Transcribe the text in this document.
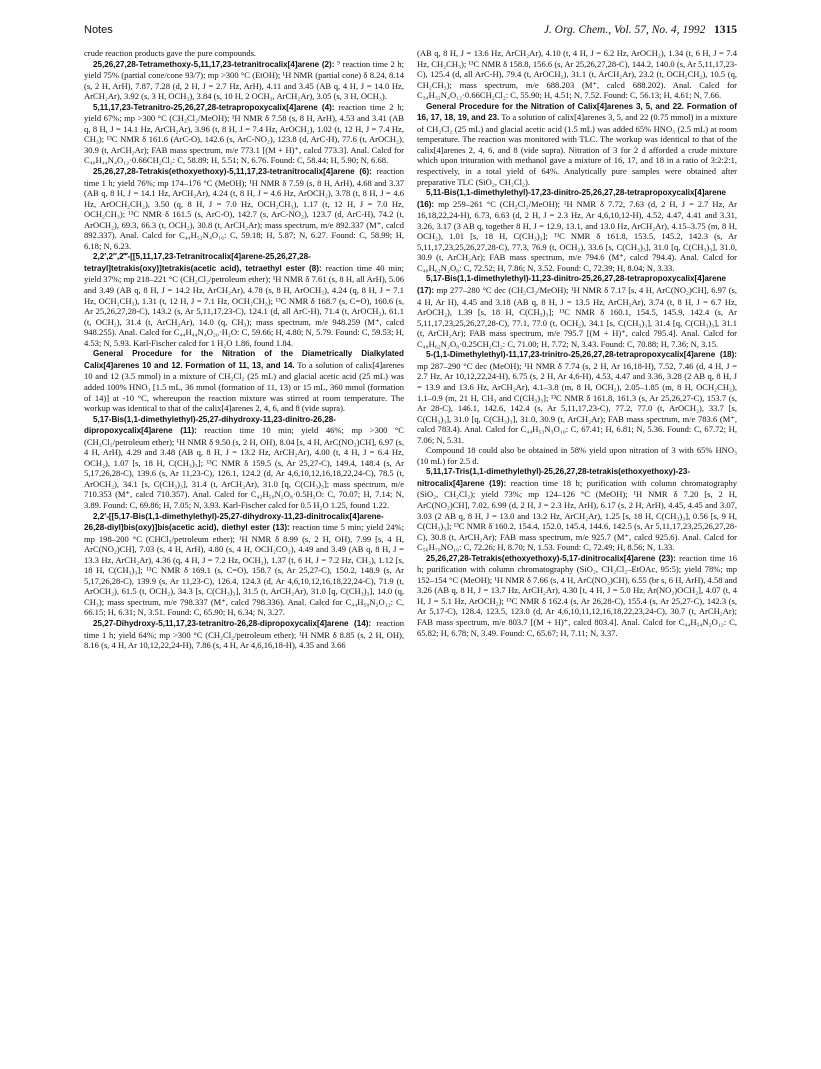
Notes	J. Org. Chem., Vol. 57, No. 4, 1992 1315

crude reaction products gave the pure compounds.

25,26,27,28-Tetramethoxy-5,11,17,23-tetranitrocalix[4]arene (2): ⁹ reaction time 2 h; yield 75% (partial cone/cone 93/7); mp >300 °C (EtOH); ¹H NMR (partial cone) δ 8.24, 8.14 (s, 2 H, ArH), 7.87, 7.28 (d, 2 H, J = 2.7 Hz, ArH), 4.11 and 3.45 (AB q, 4 H, J = 14.0 Hz, ArCH₂Ar), 3.92 (s, 3 H, OCH₃), 3.84 (s, 10 H, 2 OCH₃, ArCH₂Ar), 3.05 (s, 3 H, OCH₃).

5,11,17,23-Tetranitro-25,26,27,28-tetrapropoxycalix[4]arene (4): reaction time 2 h; yield 67%; mp >300 °C (CH₂Cl₂/MeOH); ¹H NMR δ 7.58 (s, 8 H, ArH), 4.53 and 3.41 (AB q, 8 H, J = 14.1 Hz, ArCH₂Ar), 3.96 (t, 8 H, J = 7.4 Hz, ArOCH₂), 1.02 (t, 12 H, J = 7.4 Hz, CH₃); ¹³C NMR δ 161.6 (ArC-O), 142.6 (s, ArC-NO₂), 123.8 (d, ArC-H), 77.6 (t, ArOCH₂), 30.9 (t, ArCH₂Ar); FAB mass spectrum, m/e 773.1 [(M + H)⁺, calcd 773.3]. Anal. Calcd for C₄₀H₄₄N₄O₁₂·0.66CH₂Cl₂: C, 58.89; H, 5.51; N, 6.76. Found: C, 58.44; H, 5.90; N, 6.68.

25,26,27,28-Tetrakis(ethoxyethoxy)-5,11,17,23-tetranitrocalix[4]arene (6): reaction time 1 h; yield 76%; mp 174–176 °C (MeOH); ¹H NMR δ 7.59 (s, 8 H, ArH), 4.68 and 3.37 (AB q, 8 H, J = 14.1 Hz, ArCH₂Ar), 4.24 (t, 8 H, J = 4.6 Hz, ArOCH₂), 3.78 (t, 8 H, J = 4.6 Hz, ArOCH₂CH₂), 3.50 (q, 8 H, J = 7.0 Hz, OCH₂CH₃), 1.17 (t, 12 H, J = 7.0 Hz, OCH₂CH₃); ¹³C NMR δ 161.5 (s, ArC-O), 142.7 (s, ArC-NO₂), 123.7 (d, ArC-H), 74.2 (t, ArOCH₂), 69.3, 66.3 (t, OCH₂), 30.8 (t, ArCH₂Ar); mass spectrum, m/e 892.337 (M⁺, calcd 892.337). Anal. Calcd for C₄₄H₅₂N₄O₁₆: C, 59.18; H, 5.87; N, 6.27. Found: C, 58.99; H, 6.18; N, 6.23.

2,2′,2″,2‴-[[5,11,17,23-Tetranitrocalix[4]arene-25,26,27,28-tetrayl]tetrakis(oxy)]tetrakis(acetic acid), tetraethyl ester (8): reaction time 40 min; yield 37%; mp 218–221 °C (CH₂Cl₂/petroleum ether); ¹H NMR δ 7.61 (s, 8 H, all ArH), 5.06 and 3.49 (AB q, 8 H, J = 14.2 Hz, ArCH₂Ar), 4.78 (s, 8 H, ArOCH₂), 4.24 (q, 8 H, J = 7.1 Hz, OCH₂CH₃), 1.31 (t, 12 H, J = 7.1 Hz, OCH₂CH₃); ¹³C NMR δ 168.7 (s, C=O), 160.6 (s, Ar 25,26,27,28-C), 143.2 (s, Ar 5,11,17,23-C), 124.1 (d, all ArC-H), 71.4 (t, ArOCH₂), 61.1 (t, OCH₂), 31.4 (t, ArCH₂Ar), 14.0 (q, CH₃); mass spectrum, m/e 948.259 (M⁺, calcd 948.255). Anal. Calcd for C₄₄H₄₄N₄O₂₀·H₂O: C, 59.66; H, 4.80; N, 5.79. Found: C, 59.53; H, 4.53; N, 5.93. Karl-Fischer calcd for 1 H₂O 1.86, found 1.84.

General Procedure for the Nitration of the Diametrically Dialkylated Calix[4]arenes 10 and 12. Formation of 11, 13, and 14. To a solution of calix[4]arenes 10 and 12 (3.5 mmol) in a mixture of CH₂Cl₂ (25 mL) and glacial acetic acid (25 mL) was added 100% HNO₃ [1.5 mL, 36 mmol (formation of 11, 13) or 15 mL, 360 mmol (formation of 14)] at -10 °C, whereupon the reaction mixture was stirred at room temperature. The workup was identical to that of the calix[4]arenes 2, 4, 6, and 8 (vide supra).

5,17-Bis(1,1-dimethylethyl)-25,27-dihydroxy-11,23-dinitro-26,28-dipropoxycalix[4]arene (11): reaction time 10 min; yield 46%; mp >300 °C (CH₂Cl₂/petroleum ether); ¹H NMR δ 9.50 (s, 2 H, OH), 8.04 [s, 4 H, ArC(NO₂)CH], 6.97 (s, 4 H, ArH), 4.29 and 3.48 (AB q, 8 H, J = 13.2 Hz, ArCH₂Ar), 4.00 (t, 4 H, J = 6.4 Hz, OCH₂), 1.07 [s, 18 H, C(CH₃)₃]; ¹³C NMR δ 159.5 (s, Ar 25,27-C), 149.4, 148.4 (s, Ar 5,17,26,28-C), 139.6 (s, Ar 11,23-C), 126.1, 124.2 (d, Ar 4,6,10,12,16,18,22,24-C), 78.5 (t, ArOCH₂), 34.1 [s, C(CH₃)₃], 31.4 (t, ArCH₂Ar), 31.0 [q, C(CH₃)₃]; mass spectrum, m/e 710.353 (M⁺, calcd 710.357). Anal. Calcd for C₄₂H₅₀N₂O₈·0.5H₂O: C, 70.07; H, 7.14; N, 3.89. Found: C, 69.86; H, 7.05; N, 3.93. Karl-Fischer calcd for 0.5 H₂O 1.25, found 1.22.

2,2′-[[5,17-Bis(1,1-dimethylethyl)-25,27-dihydroxy-11,23-dinitrocalix[4]arene-26,28-diyl]bis(oxy)]bis(acetic acid), diethyl ester (13): reaction time 5 min; yield 24%; mp 198–200 °C (CHCl₃/petroleum ether); ¹H NMR δ 8.99 (s, 2 H, OH), 7.99 [s, 4 H, ArC(NO₂)CH], 7.03 (s, 4 H, ArH), 4.80 (s, 4 H, OCH₂CO₂), 4.49 and 3.49 (AB q, 8 H, J = 13.3 Hz, ArCH₂Ar), 4.36 (q, 4 H, J = 7.2 Hz, OCH₂), 1.37 (t, 6 H, J = 7.2 Hz, CH₃), 1.12 [s, 18 H, C(CH₃)₃]; ¹³C NMR δ 169.1 (s, C=O), 158.7 (s, Ar 25,27-C), 150.2, 148.9 (s, Ar 5,17,26,28-C), 139.9 (s, Ar 11,23-C), 126.4, 124.3 (d, Ar 4,6,10,12,16,18,22,24-C), 71.9 (t, ArOCH₂), 61.5 (t, OCH₂), 34.3 [s, C(CH₃)₃], 31.5 (t, ArCH₂Ar), 31.0 [q, C(CH₃)₃], 14.0 (q, CH₃); mass spectrum, m/e 798.337 (M⁺, calcd 798.336). Anal. Calcd for C₄₄H₅₀N₂O₁₂: C, 66.15; H, 6.31; N, 3.51. Found: C, 65.90; H, 6.34; N, 3.27.

25,27-Dihydroxy-5,11,17,23-tetranitro-26,28-dipropoxycalix[4]arene (14): reaction time 1 h; yield 64%; mp >300 °C (CH₂Cl₂/petroleum ether); ¹H NMR δ 8.85 (s, 2 H, OH), 8.16 (s, 4 H, Ar 10,12,22,24-H), 7.86 (s, 4 H, Ar 4,6,16,18-H), 4.35 and 3.66

(AB q, 8 H, J = 13.6 Hz, ArCH₂Ar), 4.10 (t, 4 H, J = 6.2 Hz, ArOCH₂), 1.34 (t, 6 H, J = 7.4 Hz, CH₂CH₃); ¹³C NMR δ 158.8, 156.6 (s, Ar 25,26,27,28-C), 144.2, 140.0 (s, Ar 5,11,17,23-C), 125.4 (d, all ArC-H), 79.4 (t, ArOCH₂), 31.1 (t, ArCH₂Ar), 23.2 (t, OCH₂CH₂), 10.5 (q, CH₂CH₃); mass spectrum, m/e 688.203 (M⁺, calcd 688.202). Anal. Calcd for C₃₄H₃₂N₄O₁₂·0.66CH₂Cl₂: C, 55.90; H, 4.51; N, 7.52. Found: C, 56.13; H, 4.61; N, 7.66.

General Procedure for the Nitration of Calix[4]arenes 3, 5, and 22. Formation of 16, 17, 18, 19, and 23. To a solution of calix[4]arenes 3, 5, and 22 (0.75 mmol) in a mixture of CH₂Cl₂ (25 mL) and glacial acetic acid (1.5 mL) was added 65% HNO₃ (2.5 mL) at room temperature. The reaction was monitored with TLC. The workup was identical to that of the calix[4]arenes 2, 4, 6, and 8 (vide supra). Nitration of 3 for 2 d afforded a crude mixture which upon trituration with methanol gave a mixture of 16, 17, and 18 in a ratio of 3:2:2:1, respectively, in a total yield of 64%. Analytically pure samples were obtained after preparative TLC (SiO₂, CH₂Cl₂).

5,11-Bis(1,1-dimethylethyl)-17,23-dinitro-25,26,27,28-tetrapropoxycalix[4]arene (16): mp 259–261 °C (CH₂Cl₂/MeOH); ¹H NMR δ 7.72, 7.63 (d, 2 H, J = 2.7 Hz, Ar 16,18,22,24-H), 6.73, 6.63 (d, 2 H, J = 2.3 Hz, Ar 4,6,10,12-H), 4.52, 4.47, 4.41 and 3.31, 3.26, 3.17 (3 AB q, together 8 H, J = 12.9, 13.1, and 13.0 Hz, ArCH₂Ar), 4.15–3.75 (m, 8 H, OCH₂), 1.01 [s, 18 H, C(CH₃)₃]; ¹³C NMR δ 161.8, 153.5, 145.2, 142.3 (s, Ar 5,11,17,23,25,26,27,28-C), 77.3, 76.9 (t, OCH₂), 33.6 [s, C(CH₃)₃], 31.0 [q, C(CH₃)₃], 31.0, 30.9 (t, ArCH₂Ar); FAB mass spectrum, m/e 794.6 (M⁺, calcd 794.4). Anal. Calcd for C₄₈H₆₂N₂O₈: C, 72.52; H, 7.86; N, 3.52. Found: C, 72.39; H, 8.04; N, 3.33.

5,17-Bis(1,1-dimethylethyl)-11,23-dinitro-25,26,27,28-tetrapropoxycalix[4]arene (17): mp 277–280 °C dec (CH₂Cl₂/MeOH); ¹H NMR δ 7.17 [s, 4 H, ArC(NO₂)CH], 6.97 (s, 4 H, Ar H), 4.45 and 3.18 (AB q, 8 H, J = 13.5 Hz, ArCH₂Ar), 3.74 (t, 8 H, J = 6.7 Hz, ArOCH₂), 1.39 [s, 18 H, C(CH₃)₃]; ¹³C NMR δ 160.1, 154.5, 145.9, 142.4 (s, Ar 5,11,17,23,25,26,27,28-C), 77.1, 77.0 (t, OCH₂), 34.1 [s, C(CH₃)₃], 31.4 [q, C(CH₃)₃], 31.1 (t, ArCH₂Ar); FAB mass spectrum, m/e 795.7 [(M + H)⁺, calcd 795.4]. Anal. Calcd for C₄₈H₆₂N₂O₈·0.25CH₂Cl₂: C, 71.00; H, 7.72; N, 3.43. Found: C, 70.88; H, 7.36; N, 3.15.

5-(1,1-Dimethylethyl)-11,17,23-trinitro-25,26,27,28-tetrapropoxycalix[4]arene (18): mp 287–290 °C dec (MeOH); ¹H NMR δ 7.74 (s, 2 H, Ar 16,18-H), 7.52, 7.46 (d, 4 H, J = 2.7 Hz, Ar 10,12,22,24-H), 6.75 (s, 2 H, Ar 4,6-H), 4.53, 4.47 and 3.36, 3.28 (2 AB q, 8 H, J = 13.9 and 13.6 Hz, ArCH₂Ar), 4.1–3.8 (m, 8 H, OCH₂), 2.05–1.85 (m, 8 H, OCH₂CH₂), 1.1–0.9 (m, 21 H, CH₃ and C(CH₃)₃]; ¹³C NMR δ 161.8, 161.3 (s, Ar 25,26,27-C), 153.7 (s, Ar 28-C), 146.1, 142.6, 142.4 (s, Ar 5,11,17,23-C), 77.2, 77.0 (t, ArOCH₂), 33.7 [s, C(CH₃)₃], 31.0 [q, C(CH₃)₃], 31.0, 30.9 (t, ArCH₂Ar); FAB mass spectrum, m/e 783.6 (M⁺, calcd 783.4). Anal. Calcd for C₄₄H₅₃N₃O₁₀: C, 67.41; H, 6.81; N, 5.36. Found: C, 67.72; H, 7.06; N, 5.31.

Compound 18 could also be obtained in 58% yield upon nitration of 3 with 65% HNO₃ (10 mL) for 2.5 d.

5,11,17-Tris(1,1-dimethylethyl)-25,26,27,28-tetrakis(ethoxyethoxy)-23-nitrocalix[4]arene (19): reaction time 18 h; purification with column chromatography (SiO₂, CH₂Cl₂); yield 73%; mp 124–126 °C (MeOH); ¹H NMR δ 7.20 [s, 2 H, ArC(NO₂)CH], 7.02, 6.99 (d, 2 H, J = 2.3 Hz, ArH), 6.17 (s, 2 H, ArH), 4.45, 4.45 and 3.07, 3.03 (2 AB q, 8 H, J = 13.0 and 13.2 Hz, ArCH₂Ar), 1.25 [s, 18 H, C(CH₃)₃], 0.56 [s, 9 H, C(CH₃)₃]; ¹³C NMR δ 160.2, 154.4, 152.0, 145.4, 144.6, 142.5 (s, Ar 5,11,17,23,25,26,27,28-C), 30.8 (t, ArCH₂Ar); FAB mass spectrum, m/e 925.7 (M⁺, calcd 925.6). Anal. Calcd for C₅₆H₇₉NO₁₀: C, 72.26; H, 8.70; N, 1.53. Found: C, 72.49; H, 8.56; N, 1.33.

25,26,27,28-Tetrakis(ethoxyethoxy)-5,17-dinitrocalix[4]arene (23): reaction time 16 h; purification with column chromatography (SiO₂, CH₂Cl₂–EtOAc, 95:5); yield 78%; mp 152–154 °C (MeOH); ¹H NMR δ 7.66 (s, 4 H, ArC(NO₂)CH), 6.55 (br s, 6 H, ArH), 4.58 and 3.26 (AB q, 8 H, J = 13.7 Hz, ArCH₂Ar), 4.30 [t, 4 H, J = 5.0 Hz, Ar(NO₂)OCH₂], 4.07 (t, 4 H, J = 5.1 Hz, ArOCH₂); ¹³C NMR δ 162.4 (s, Ar 26,28-C), 155.4 (s, Ar 25,27-C), 142.3 (s, Ar 5,17-C), 128.4, 123.5, 123.0 (d, Ar 4,6,10,11,12,16,18,22,23,24-C), 30.7 (t, ArCH₂Ar); FAB mass spectrum, m/e 803.7 [(M + H)⁺, calcd 803.4]. Anal. Calcd for C₄₄H₅₄N₂O₁₂: C, 65.82; H, 6.78; N, 3.49. Found: C, 65.67; H, 7.11; N, 3.37.
